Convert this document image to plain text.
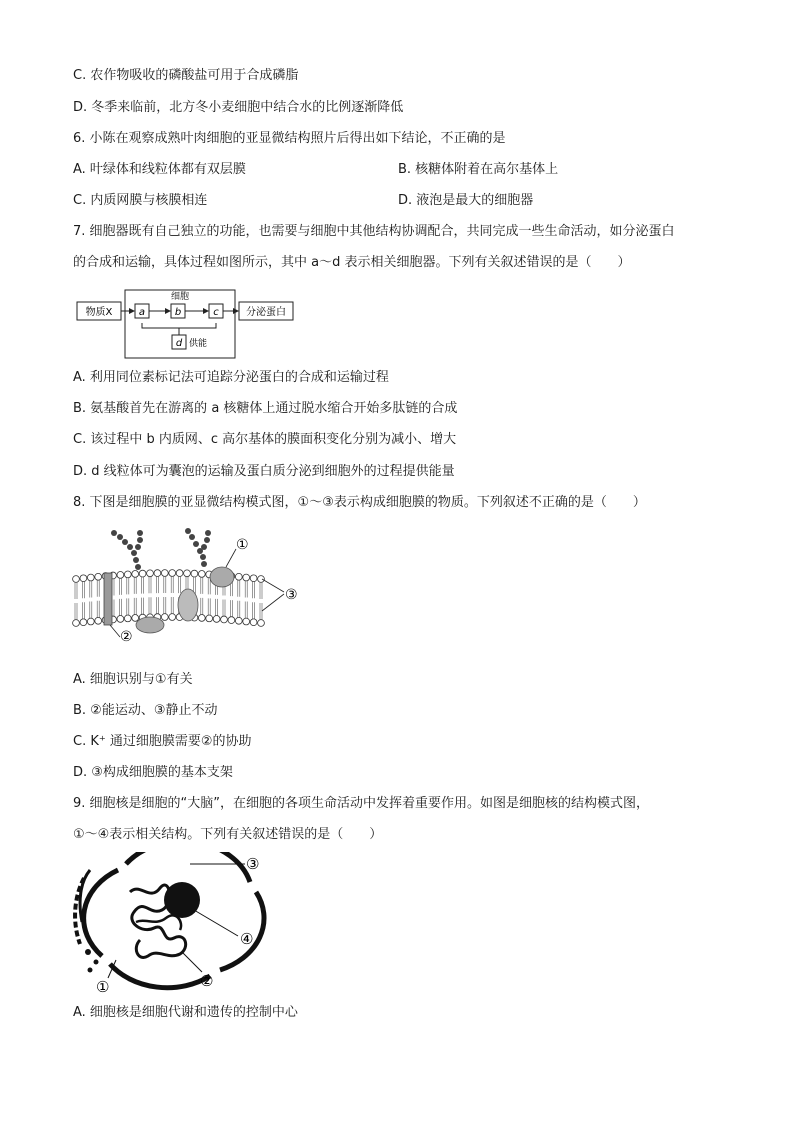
C. 农作物吸收的磷酸盐可用于合成磷脂
D. 冬季来临前，北方冬小麦细胞中结合水的比例逐渐降低
6. 小陈在观察成熟叶肉细胞的亚显微结构照片后得出如下结论，不正确的是
A. 叶绿体和线粒体都有双层膜	B. 核糖体附着在高尔基体上
C. 内质网膜与核膜相连	D. 液泡是最大的细胞器
7. 细胞器既有自己独立的功能，也需要与细胞中其他结构协调配合，共同完成一些生命活动，如分泌蛋白
的合成和运输，具体过程如图所示，其中 a～d 表示相关细胞器。下列有关叙述错误的是（　　）
物质X
细胞
a	b	c
d 供能
分泌蛋白
A. 利用同位素标记法可追踪分泌蛋白的合成和运输过程
B. 氨基酸首先在游离的 a 核糖体上通过脱水缩合开始多肽链的合成
C. 该过程中 b 内质网、c 高尔基体的膜面积变化分别为减小、增大
D. d 线粒体可为囊泡的运输及蛋白质分泌到细胞外的过程提供能量
8. 下图是细胞膜的亚显微结构模式图，①～③表示构成细胞膜的物质。下列叙述不正确的是（　　）
①
③
②
A. 细胞识别与①有关
B. ②能运动、③静止不动
C. K⁺ 通过细胞膜需要②的协助
D. ③构成细胞膜的基本支架
9. 细胞核是细胞的“大脑”，在细胞的各项生命活动中发挥着重要作用。如图是细胞核的结构模式图，
①～④表示相关结构。下列有关叙述错误的是（　　）
③
④
②
①
A. 细胞核是细胞代谢和遗传的控制中心
